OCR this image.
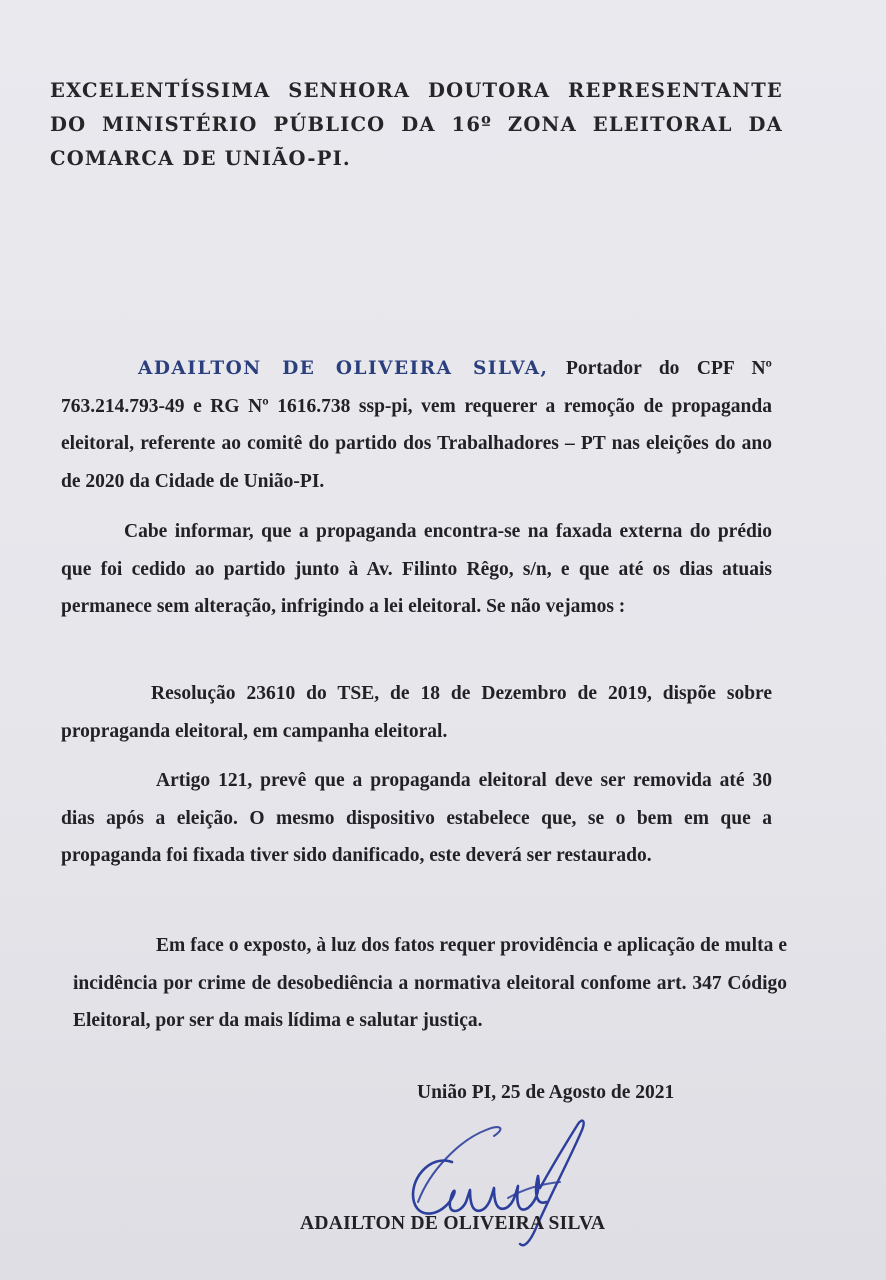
EXCELENTÍSSIMA SENHORA DOUTORA REPRESENTANTE DO MINISTÉRIO PÚBLICO DA 16º ZONA ELEITORAL DA COMARCA DE UNIÃO-PI.
ADAILTON DE OLIVEIRA SILVA, Portador do CPF Nº 763.214.793-49 e RG Nº 1616.738 ssp-pi, vem requerer a remoção de propaganda eleitoral, referente ao comitê do partido dos Trabalhadores – PT nas eleições do ano de 2020 da Cidade de União-PI.
Cabe informar, que a propaganda encontra-se na faxada externa do prédio que foi cedido ao partido junto à Av. Filinto Rêgo, s/n, e que até os dias atuais permanece sem alteração, infrigindo a lei eleitoral. Se não vejamos :
Resolução 23610 do TSE, de 18 de Dezembro de 2019, dispõe sobre propraganda eleitoral, em campanha eleitoral.
Artigo 121, prevê que a propaganda eleitoral deve ser removida até 30 dias após a eleição. O mesmo dispositivo estabelece que, se o bem em que a propaganda foi fixada tiver sido danificado, este deverá ser restaurado.
Em face o exposto, à luz dos fatos requer providência e aplicação de multa e incidência por crime de desobediência a normativa eleitoral confome art. 347 Código Eleitoral, por ser da mais lídima e salutar justiça.
União PI, 25 de Agosto de 2021
ADAILTON DE OLIVEIRA SILVA
